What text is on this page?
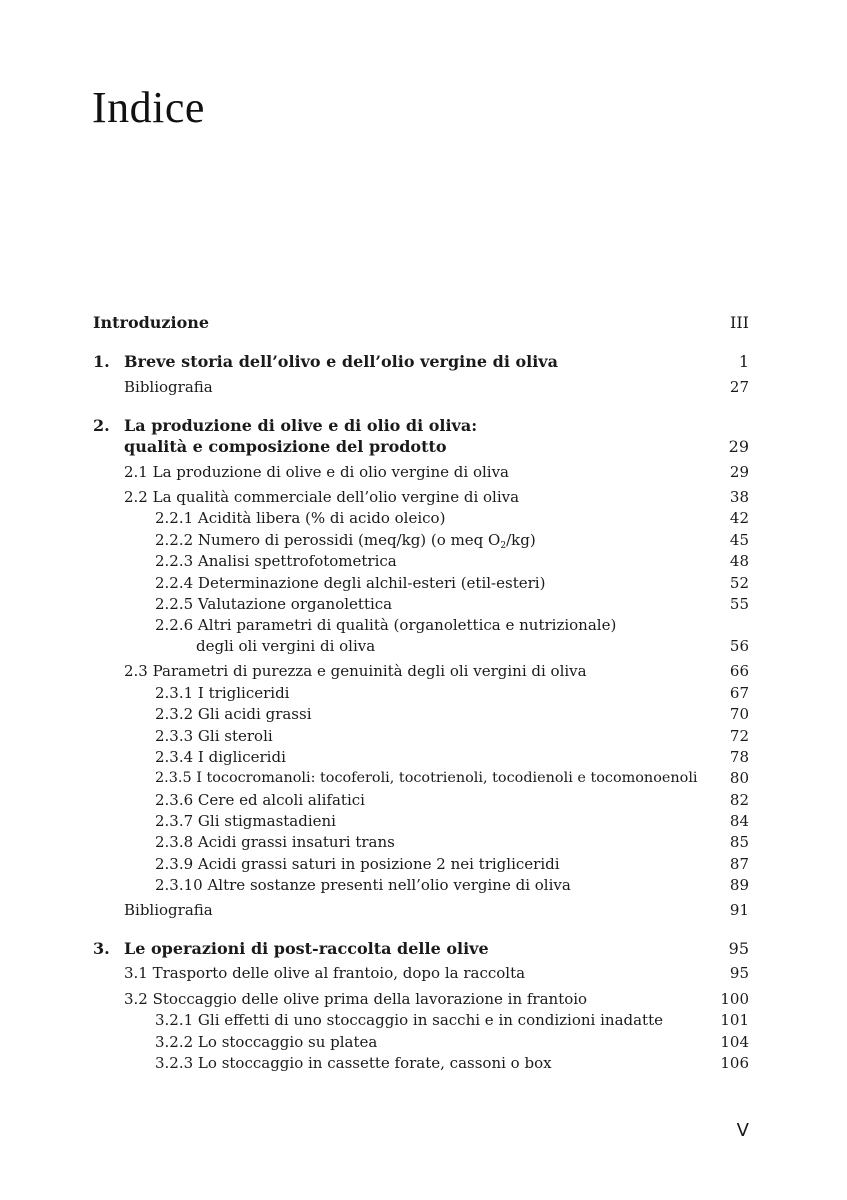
Indice
Introduzione	III
1. Breve storia dell’olivo e dell’olio vergine di oliva	1
Bibliografia	27
2. La produzione di olive e di olio di oliva:
qualità e composizione del prodotto	29
2.1 La produzione di olive e di olio vergine di oliva	29
2.2 La qualità commerciale dell’olio vergine di oliva	38
2.2.1 Acidità libera (% di acido oleico)	42
2.2.2 Numero di perossidi (meq/kg) (o meq $O_2/kg$)	45
2.2.3 Analisi spettrofotometrica	48
2.2.4 Determinazione degli alchil-esteri (etil-esteri)	52
2.2.5 Valutazione organolettica	55
2.2.6 Altri parametri di qualità (organolettica e nutrizionale)
degli oli vergini di oliva	56
2.3 Parametri di purezza e genuinità degli oli vergini di oliva	66
2.3.1 I trigliceridi	67
2.3.2 Gli acidi grassi	70
2.3.3 Gli steroli	72
2.3.4 I digliceridi	78
2.3.5 I tococromanoli: tocoferoli, tocotrienoli, tocodienoli e tocomonoenoli 80
2.3.6 Cere ed alcoli alifatici	82
2.3.7 Gli stigmastadieni	84
2.3.8 Acidi grassi insaturi trans	85
2.3.9 Acidi grassi saturi in posizione 2 nei trigliceridi	87
2.3.10 Altre sostanze presenti nell’olio vergine di oliva	89
Bibliografia	91
3. Le operazioni di post-raccolta delle olive	95
3.1 Trasporto delle olive al frantoio, dopo la raccolta	95
3.2 Stoccaggio delle olive prima della lavorazione in frantoio	100
3.2.1 Gli effetti di uno stoccaggio in sacchi e in condizioni inadatte	101
3.2.2 Lo stoccaggio su platea	104
3.2.3 Lo stoccaggio in cassette forate, cassoni o box	106
V
